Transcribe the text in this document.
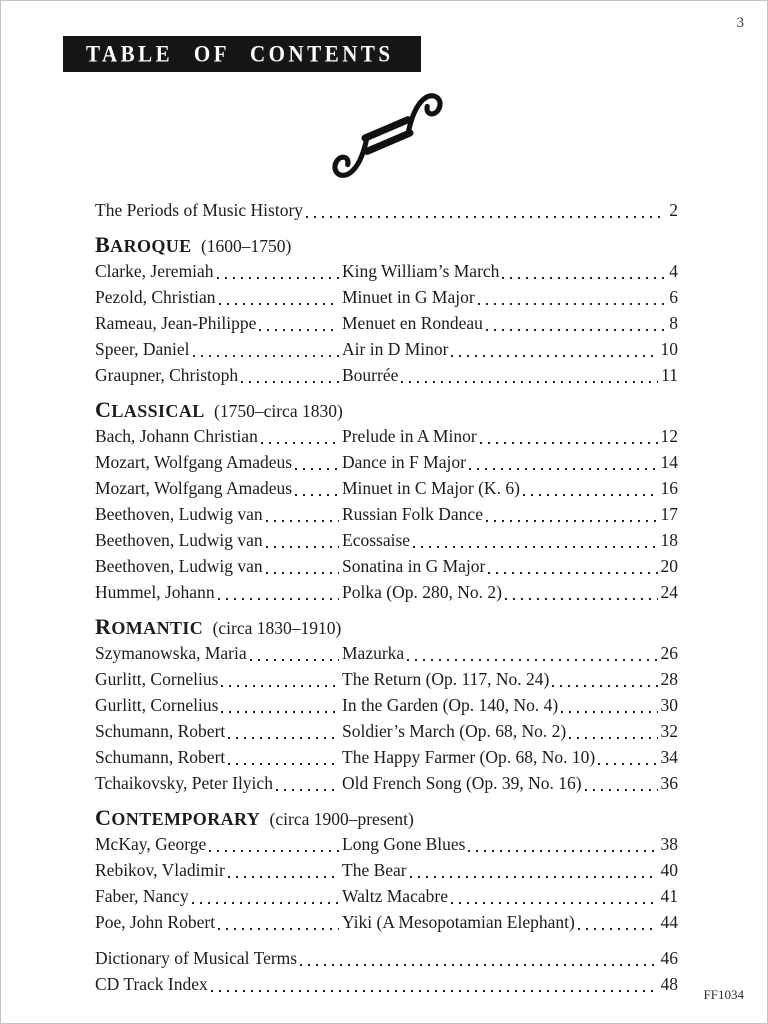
3
TABLE OF CONTENTS
The Periods of Music History	2
BAROQUE (1600–1750)
Clarke, Jeremiah	King William’s March	4
Pezold, Christian	Minuet in G Major	6
Rameau, Jean-Philippe	Menuet en Rondeau	8
Speer, Daniel	Air in D Minor	10
Graupner, Christoph	Bourrée	11
CLASSICAL (1750–circa 1830)
Bach, Johann Christian	Prelude in A Minor	12
Mozart, Wolfgang Amadeus	Dance in F Major	14
Mozart, Wolfgang Amadeus	Minuet in C Major (K. 6)	16
Beethoven, Ludwig van	Russian Folk Dance	17
Beethoven, Ludwig van	Ecossaise	18
Beethoven, Ludwig van	Sonatina in G Major	20
Hummel, Johann	Polka (Op. 280, No. 2)	24
ROMANTIC (circa 1830–1910)
Szymanowska, Maria	Mazurka	26
Gurlitt, Cornelius	The Return (Op. 117, No. 24)	28
Gurlitt, Cornelius	In the Garden (Op. 140, No. 4)	30
Schumann, Robert	Soldier’s March (Op. 68, No. 2)	32
Schumann, Robert	The Happy Farmer (Op. 68, No. 10)	34
Tchaikovsky, Peter Ilyich	Old French Song (Op. 39, No. 16)	36
CONTEMPORARY (circa 1900–present)
McKay, George	Long Gone Blues	38
Rebikov, Vladimir	The Bear	40
Faber, Nancy	Waltz Macabre	41
Poe, John Robert	Yiki (A Mesopotamian Elephant)	44
Dictionary of Musical Terms	46
CD Track Index	48
FF1034
